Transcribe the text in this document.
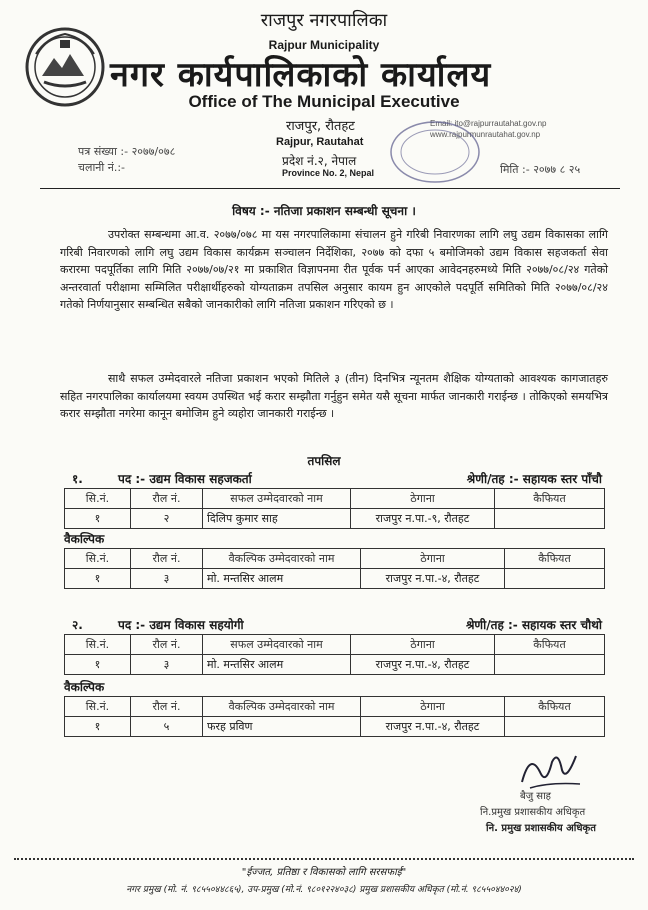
राजपुर नगरपालिका
Rajpur Municipality
नगर कार्यपालिकाको कार्यालय
Office of The Municipal Executive
राजपुर, रौतहट
Rajpur, Rautahat
प्रदेश नं.२, नेपाल
Province No. 2, Nepal
Email: ito@rajpurrautahat.gov.np
www.rajpurmunrautahat.gov.np
पत्र संख्या :- २०७७/०७८
चलानी नं.:-	मिति :- २०७७ ८ २५
विषय :- नतिजा प्रकाशन सम्बन्धी सूचना ।
उपरोक्त सम्बन्धमा आ.व. २०७७/०७८ मा यस नगरपालिकामा संचालन हुने गरिबी निवारणका लागि लघु उद्यम विकासका लागि गरिबी निवारणको लागि लघु उद्यम विकास कार्यक्रम सञ्चालन निर्देशिका, २०७७ को दफा ५ बमोजिमको उद्यम विकास सहजकर्ता सेवा करारमा पदपूर्तिका लागि मिति २०७७/०७/२१ मा प्रकाशित विज्ञापनमा रीत पूर्वक पर्न आएका आवेदनहरुमध्ये मिति २०७७/०८/२४ गतेको अन्तरवार्ता परीक्षामा सम्मिलित परीक्षार्थीहरुको योग्यताक्रम तपसिल अनुसार कायम हुन आएकोले पदपूर्ति समितिको मिति २०७७/०८/२४ गतेको निर्णयानुसार सम्बन्धित सबैको जानकारीको लागि नतिजा प्रकाशन गरिएको छ ।
साथै सफल उम्मेदवारले नतिजा प्रकाशन भएको मितिले ३ (तीन) दिनभित्र न्यूनतम शैक्षिक योग्यताको आवश्यक कागजातहरु सहित नगरपालिका कार्यालयमा स्वयम उपस्थित भई करार सम्झौता गर्नुहुन समेत यसै सूचना मार्फत जानकारी गराईन्छ । तोकिएको समयभित्र करार सम्झौता नगरेमा कानून बमोजिम हुने व्यहोरा जानकारी गराईन्छ ।
तपसिल
१.	पद :- उद्यम विकास सहजकर्ता	श्रेणी/तह :- सहायक स्तर पाँचौ
सि.नं.	रौल नं.	सफल उम्मेदवारको नाम	ठेगाना	कैफियत
१	२	दिलिप कुमार साह	राजपुर न.पा.-९, रौतहट	
वैकल्पिक
सि.नं.	रौल नं.	वैकल्पिक उम्मेदवारको नाम	ठेगाना	कैफियत
१	३	मो. मन्तसिर आलम	राजपुर न.पा.-४, रौतहट	
२.	पद :- उद्यम विकास सहयोगी	श्रेणी/तह :- सहायक स्तर चौथो
सि.नं.	रौल नं.	सफल उम्मेदवारको नाम	ठेगाना	कैफियत
१	३	मो. मन्तसिर आलम	राजपुर न.पा.-४, रौतहट	
वैकल्पिक
सि.नं.	रौल नं.	वैकल्पिक उम्मेदवारको नाम	ठेगाना	कैफियत
१	५	फरह प्रविण	राजपुर न.पा.-४, रौतहट	
बैजु साह
नि.प्रमुख प्रशासकीय अधिकृत
नि. प्रमुख प्रशासकीय अधिकृत
"ईज्जत, प्रतिष्ठा र विकासको लागि सरसफाई"
नगर प्रमुख (मो. नं. ९८५५०४४८६५), उप-प्रमुख (मो.नं. ९८०१२२४०३८) प्रमुख प्रशासकीय अधिकृत (मो.नं. ९८५५०४४०२४)
